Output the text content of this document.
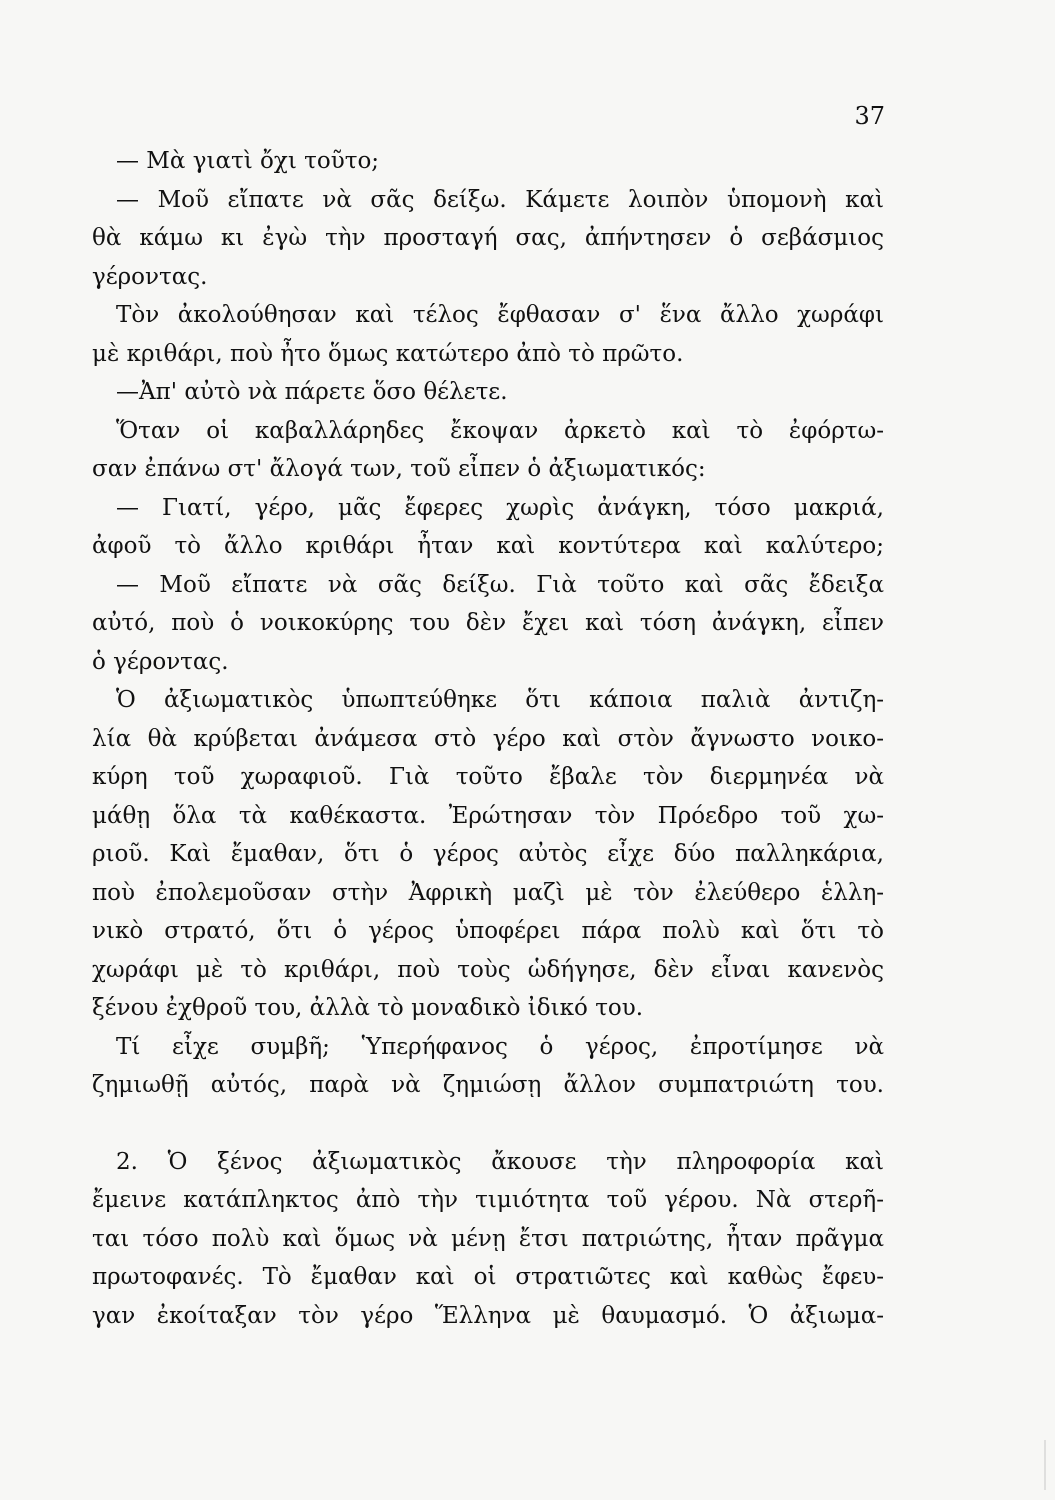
37
— Μὰ γιατὶ ὄχι τοῦτο;
— Μοῦ εἴπατε νὰ σᾶς δείξω. Κάμετε λοιπὸν ὑπομονὴ καὶ
θὰ κάμω κι ἐγὼ τὴν προσταγή σας, ἀπήντησεν ὁ σεβάσμιος
γέροντας.
Τὸν ἀκολούθησαν καὶ τέλος ἔφθασαν σ' ἕνα ἄλλο χωράφι
μὲ κριθάρι, ποὺ ἦτο ὅμως κατώτερο ἀπὸ τὸ πρῶτο.
—Ἀπ' αὐτὸ νὰ πάρετε ὅσο θέλετε.
Ὅταν οἱ καβαλλάρηδες ἔκοψαν ἀρκετὸ καὶ τὸ ἐφόρτω-
σαν ἐπάνω στ' ἄλογά των, τοῦ εἶπεν ὁ ἀξιωματικός:
— Γιατί, γέρο, μᾶς ἔφερες χωρὶς ἀνάγκη, τόσο μακριά,
ἀφοῦ τὸ ἄλλο κριθάρι ἦταν καὶ κοντύτερα καὶ καλύτερο;
— Μοῦ εἴπατε νὰ σᾶς δείξω. Γιὰ τοῦτο καὶ σᾶς ἔδειξα
αὐτό, ποὺ ὁ νοικοκύρης του δὲν ἔχει καὶ τόση ἀνάγκη, εἶπεν
ὁ γέροντας.
Ὁ ἀξιωματικὸς ὑπωπτεύθηκε ὅτι κάποια παλιὰ ἀντιζη-
λία θὰ κρύβεται ἀνάμεσα στὸ γέρο καὶ στὸν ἄγνωστο νοικο-
κύρη τοῦ χωραφιοῦ. Γιὰ τοῦτο ἔβαλε τὸν διερμηνέα νὰ
μάθῃ ὅλα τὰ καθέκαστα. Ἐρώτησαν τὸν Πρόεδρο τοῦ χω-
ριοῦ. Καὶ ἔμαθαν, ὅτι ὁ γέρος αὐτὸς εἶχε δύο παλληκάρια,
ποὺ ἐπολεμοῦσαν στὴν Ἀφρικὴ μαζὶ μὲ τὸν ἐλεύθερο ἑλλη-
νικὸ στρατό, ὅτι ὁ γέρος ὑποφέρει πάρα πολὺ καὶ ὅτι τὸ
χωράφι μὲ τὸ κριθάρι, ποὺ τοὺς ὡδήγησε, δὲν εἶναι κανενὸς
ξένου ἐχθροῦ του, ἀλλὰ τὸ μοναδικὸ ἰδικό του.
Τί εἶχε συμβῆ; Ὑπερήφανος ὁ γέρος, ἐπροτίμησε νὰ
ζημιωθῇ αὐτός, παρὰ νὰ ζημιώσῃ ἄλλον συμπατριώτη του.
2. Ὁ ξένος ἀξιωματικὸς ἄκουσε τὴν πληροφορία καὶ
ἔμεινε κατάπληκτος ἀπὸ τὴν τιμιότητα τοῦ γέρου. Νὰ στερῆ-
ται τόσο πολὺ καὶ ὅμως νὰ μένῃ ἔτσι πατριώτης, ἦταν πρᾶγμα
πρωτοφανές. Τὸ ἔμαθαν καὶ οἱ στρατιῶτες καὶ καθὼς ἔφευ-
γαν ἐκοίταξαν τὸν γέρο Ἕλληνα μὲ θαυμασμό. Ὁ ἀξιωμα-
